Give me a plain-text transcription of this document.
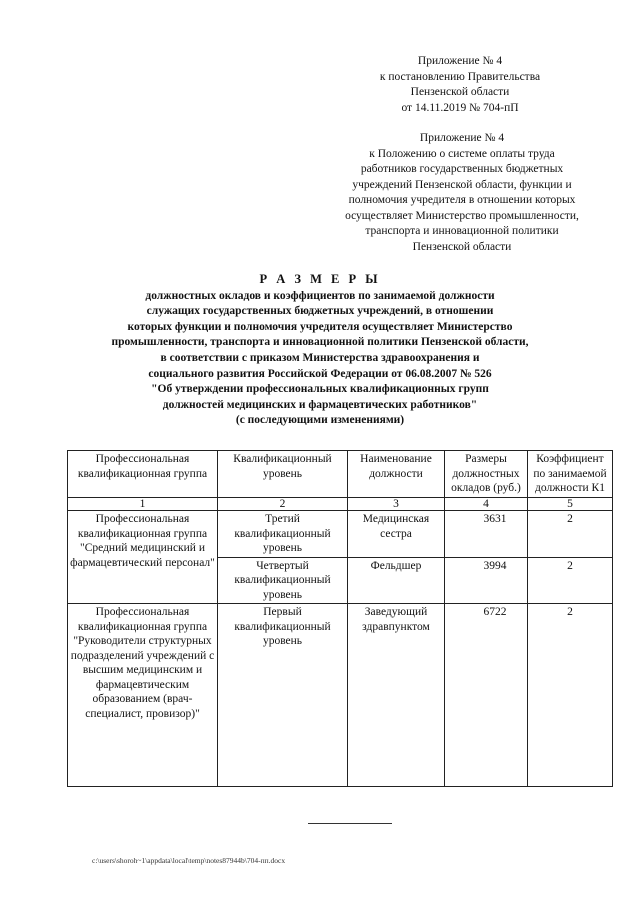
Приложение № 4
к постановлению Правительства
Пензенской области
от 14.11.2019 № 704-пП
Приложение № 4
к Положению о системе оплаты труда
работников государственных бюджетных
учреждений Пензенской области, функции и
полномочия учредителя в отношении которых
осуществляет Министерство промышленности,
транспорта и инновационной политики
Пензенской области
Р А З М Е Р Ы
должностных окладов и коэффициентов по занимаемой должности
служащих государственных бюджетных учреждений, в отношении
которых функции и полномочия учредителя осуществляет Министерство
промышленности, транспорта и инновационной политики Пензенской области,
в соответствии с приказом Министерства здравоохранения и
социального развития Российской Федерации от 06.08.2007 № 526
"Об утверждении профессиональных квалификационных групп
должностей медицинских и фармацевтических работников"
(с последующими изменениями)
Профессиональная квалификационная группа	Квалификационный уровень	Наименование должности	Размеры должностных окладов (руб.)	Коэффициент по занимаемой должности К1
1	2	3	4	5
Профессиональная квалификационная группа "Средний медицинский и фармацевтический персонал"	Третий квалификационный уровень	Медицинская сестра	3631	2
	Четвертый квалификационный уровень	Фельдшер	3994	2
Профессиональная квалификационная группа "Руководители структурных подразделений учреждений с высшим медицинским и фармацевтическим образованием (врач-специалист, провизор)"	Первый квалификационный уровень	Заведующий здравпунктом	6722	2
c:\users\shoroh~1\appdata\local\temp\notes87944b\704-пп.docx
